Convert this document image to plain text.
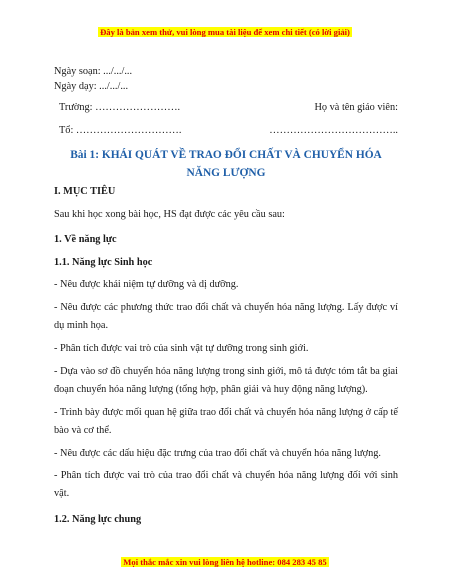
Đây là bản xem thử, vui lòng mua tài liệu để xem chi tiết (có lời giải)
Ngày soạn: .../.../...
Ngày dạy: .../.../...
Trường: …………………….	Họ và tên giáo viên:
Tổ: ………………………….	………………………………..
Bài 1: KHÁI QUÁT VỀ TRAO ĐỔI CHẤT VÀ CHUYỂN HÓA NĂNG LƯỢNG
I. MỤC TIÊU
Sau khi học xong bài học, HS đạt được các yêu cầu sau:
1. Về năng lực
1.1. Năng lực Sinh học
- Nêu được khái niệm tự dưỡng và dị dưỡng.
- Nêu được các phương thức trao đổi chất và chuyển hóa năng lượng. Lấy được ví dụ minh họa.
- Phân tích được vai trò của sinh vật tự dưỡng trong sinh giới.
- Dựa vào sơ đồ chuyển hóa năng lượng trong sinh giới, mô tả được tóm tắt ba giai đoạn chuyển hóa năng lượng (tổng hợp, phân giải và huy động năng lượng).
- Trình bày được mối quan hệ giữa trao đổi chất và chuyển hóa năng lượng ở cấp tế bào và cơ thể.
- Nêu được các dấu hiệu đặc trưng của trao đổi chất và chuyển hóa năng lượng.
- Phân tích được vai trò của trao đổi chất và chuyển hóa năng lượng đối với sinh vật.
1.2. Năng lực chung
Mọi thắc mắc xin vui lòng liên hệ hotline: 084 283 45 85
